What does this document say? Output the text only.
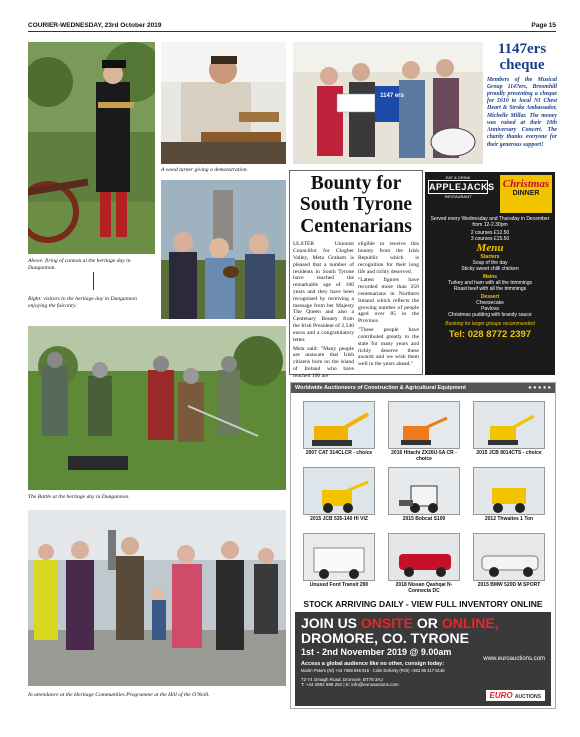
COURIER-WEDNESDAY, 23rd October 2019	Page 15
Above: firing of cannon at the heritage day in Dungannon.
Right: visitors to the heritage day in Dungannon enjoying the falconry.
A wood turner giving a demonstration.
The Battle at the heritage day in Dungannon.
In attendance at the Heritage Communities Programme at the Hill of the O'Neill.
1147 ers
1147ers
cheque
Members of the Musical Group 1147ers, Broomhill proudly presenting a cheque for £610 to local NI Chest Heart & Stroke Ambassador, Michelle Millar. The money was raised at their 10th Anniversary Concert. The charity thanks everyone for their generous support!
Bounty for South Tyrone Centenarians

ULSTER Unionist Councillor for Clogher Valley, Meta Graham is pleased that a number of residents in South Tyrone have reached the remarkable age of 100 years and they have been recognised by receiving a message from her Majesty The Queen and also a Centenary Bounty from the Irish President of 2,540 euros and a congratulatory letter.

Meta said: "Many people are unaware that Irish citizens born on the island of Ireland who have reached 100 are

eligible to receive this bounty from the Irish Republic which is recognition for their long life and richly deserved.

"Latest figures have recorded more than 250 centenarians in Northern Ireland which reflects the growing number of people aged over 85 in the Province.

"These people have contributed greatly to the state for many years and richly deserve these awards and we wish them well in the years ahead."

EAT & DRINK
APPLEJACKS
RESTAURANT
Christmas
DINNER
Served every Wednesday and Thursday in December from 12-2.30pm
2 courses £12.50
3 courses £15.50
Menu
Starters
Soup of the day
Sticky sweet chilli chicken
Mains
Turkey and ham with all the trimmings
Roast beef with all the trimmings
Dessert
Cheesecake
Pavlova
Christmas pudding with brandy sauce
Booking for larger groups recommended
Tel: 028 8772 2397
Worldwide Auctioneers of Construction & Agricultural Equipment	● ● ● ● ●
2007 CAT 314CLCR - choice	2016 Hitachi ZX26U-5A CR - choice
2015 JCB 8014CTS - choice
2015 JCB 535-140 HI VIZ	2015 Bobcat S100	2012 Thwaites 1 Ton
Unused Ford Transit 290	2018 Nissan Qashqai N-Connecta DC
2015 BMW 520D M SPORT
STOCK ARRIVING DAILY - VIEW FULL INVENTORY ONLINE
JOIN US ONSITE OR ONLINE,
DROMORE, CO. TYRONE
1st - 2nd November 2019 @ 9.00am
www.euroauctions.com
Access a global audience like no other, consign today:
Martin Peters (NI) +44 7368 846 615 · Colin Doherty (ROI) +353 86 317 6146
72-74 Omagh Road, Dromore, BT78 3AJ
T: +44 2882 898 262 | E: info@euroauctions.com
EURO AUCTIONS
